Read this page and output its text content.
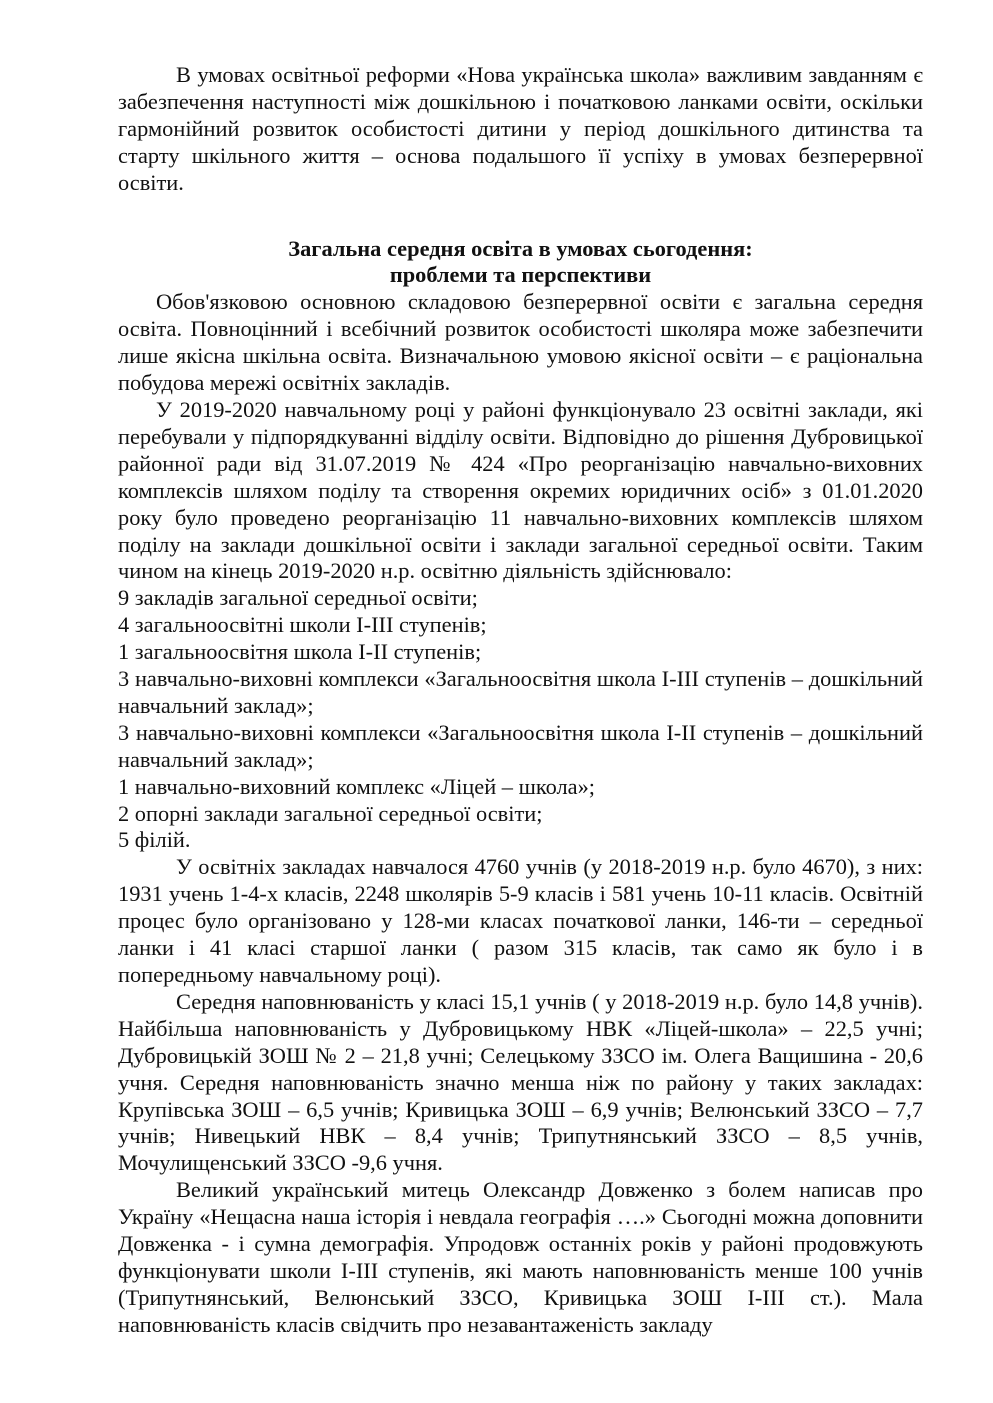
В умовах освітньої реформи «Нова українська школа» важливим завданням є забезпечення наступності між дошкільною і початковою ланками освіти, оскільки гармонійний розвиток особистості дитини у період дошкільного дитинства та старту шкільного життя – основа подальшого її успіху в умовах безперервної освіти.

Загальна середня освіта в умовах сьогодення:

проблеми та перспективи

Обов'язковою основною складовою безперервної освіти є загальна середня освіта. Повноцінний і всебічний розвиток особистості школяра може забезпечити лише якісна шкільна освіта. Визначальною умовою якісної освіти – є раціональна побудова мережі освітніх закладів.

У 2019-2020 навчальному році у районі функціонувало 23 освітні заклади, які перебували у підпорядкуванні відділу освіти. Відповідно до рішення Дубровицької районної ради від 31.07.2019 № 424 «Про реорганізацію навчально-виховних комплексів шляхом поділу та створення окремих юридичних осіб» з 01.01.2020 року було проведено реорганізацію 11 навчально-виховних комплексів шляхом поділу на заклади дошкільної освіти і заклади загальної середньої освіти. Таким чином на кінець 2019-2020 н.р. освітню діяльність здійснювало:

9 закладів загальної середньої освіти;

4 загальноосвітні школи І-ІІІ ступенів;

1 загальноосвітня школа І-ІІ ступенів;

3 навчально-виховні комплекси «Загальноосвітня школа І-ІІІ ступенів – дошкільний навчальний заклад»;

3 навчально-виховні комплекси «Загальноосвітня школа І-ІІ ступенів – дошкільний навчальний заклад»;

1 навчально-виховний комплекс «Ліцей – школа»;

2 опорні заклади загальної середньої освіти;

5 філій.

У освітніх закладах навчалося 4760 учнів (у 2018-2019 н.р. було 4670), з них: 1931 учень 1-4-х класів, 2248 школярів 5-9 класів і 581 учень 10-11 класів. Освітній процес було організовано у 128-ми класах початкової ланки, 146-ти – середньої ланки і 41 класі старшої ланки ( разом 315 класів, так само як було і в попередньому навчальному році).

Середня наповнюваність у класі 15,1 учнів ( у 2018-2019 н.р. було 14,8 учнів). Найбільша наповнюваність у Дубровицькому НВК «Ліцей-школа» – 22,5 учні; Дубровицькій ЗОШ № 2 – 21,8 учні; Селецькому ЗЗСО ім. Олега Ващишина - 20,6 учня. Середня наповнюваність значно менша ніж по району у таких закладах: Крупівська ЗОШ – 6,5 учнів; Кривицька ЗОШ – 6,9 учнів; Велюнський ЗЗСО – 7,7 учнів; Нивецький НВК – 8,4 учнів; Трипутнянський ЗЗСО – 8,5 учнів, Мочулищенський ЗЗСО -9,6 учня.

Великий український митець Олександр Довженко з болем написав про Україну «Нещасна наша історія і невдала географія ….» Сьогодні можна доповнити Довженка - і сумна демографія. Упродовж останніх років у районі продовжують функціонувати школи І-ІІІ ступенів, які мають наповнюваність менше 100 учнів (Трипутнянський, Велюнський ЗЗСО, Кривицька ЗОШ І-ІІІ ст.). Мала наповнюваність класів свідчить про незавантаженість закладу
